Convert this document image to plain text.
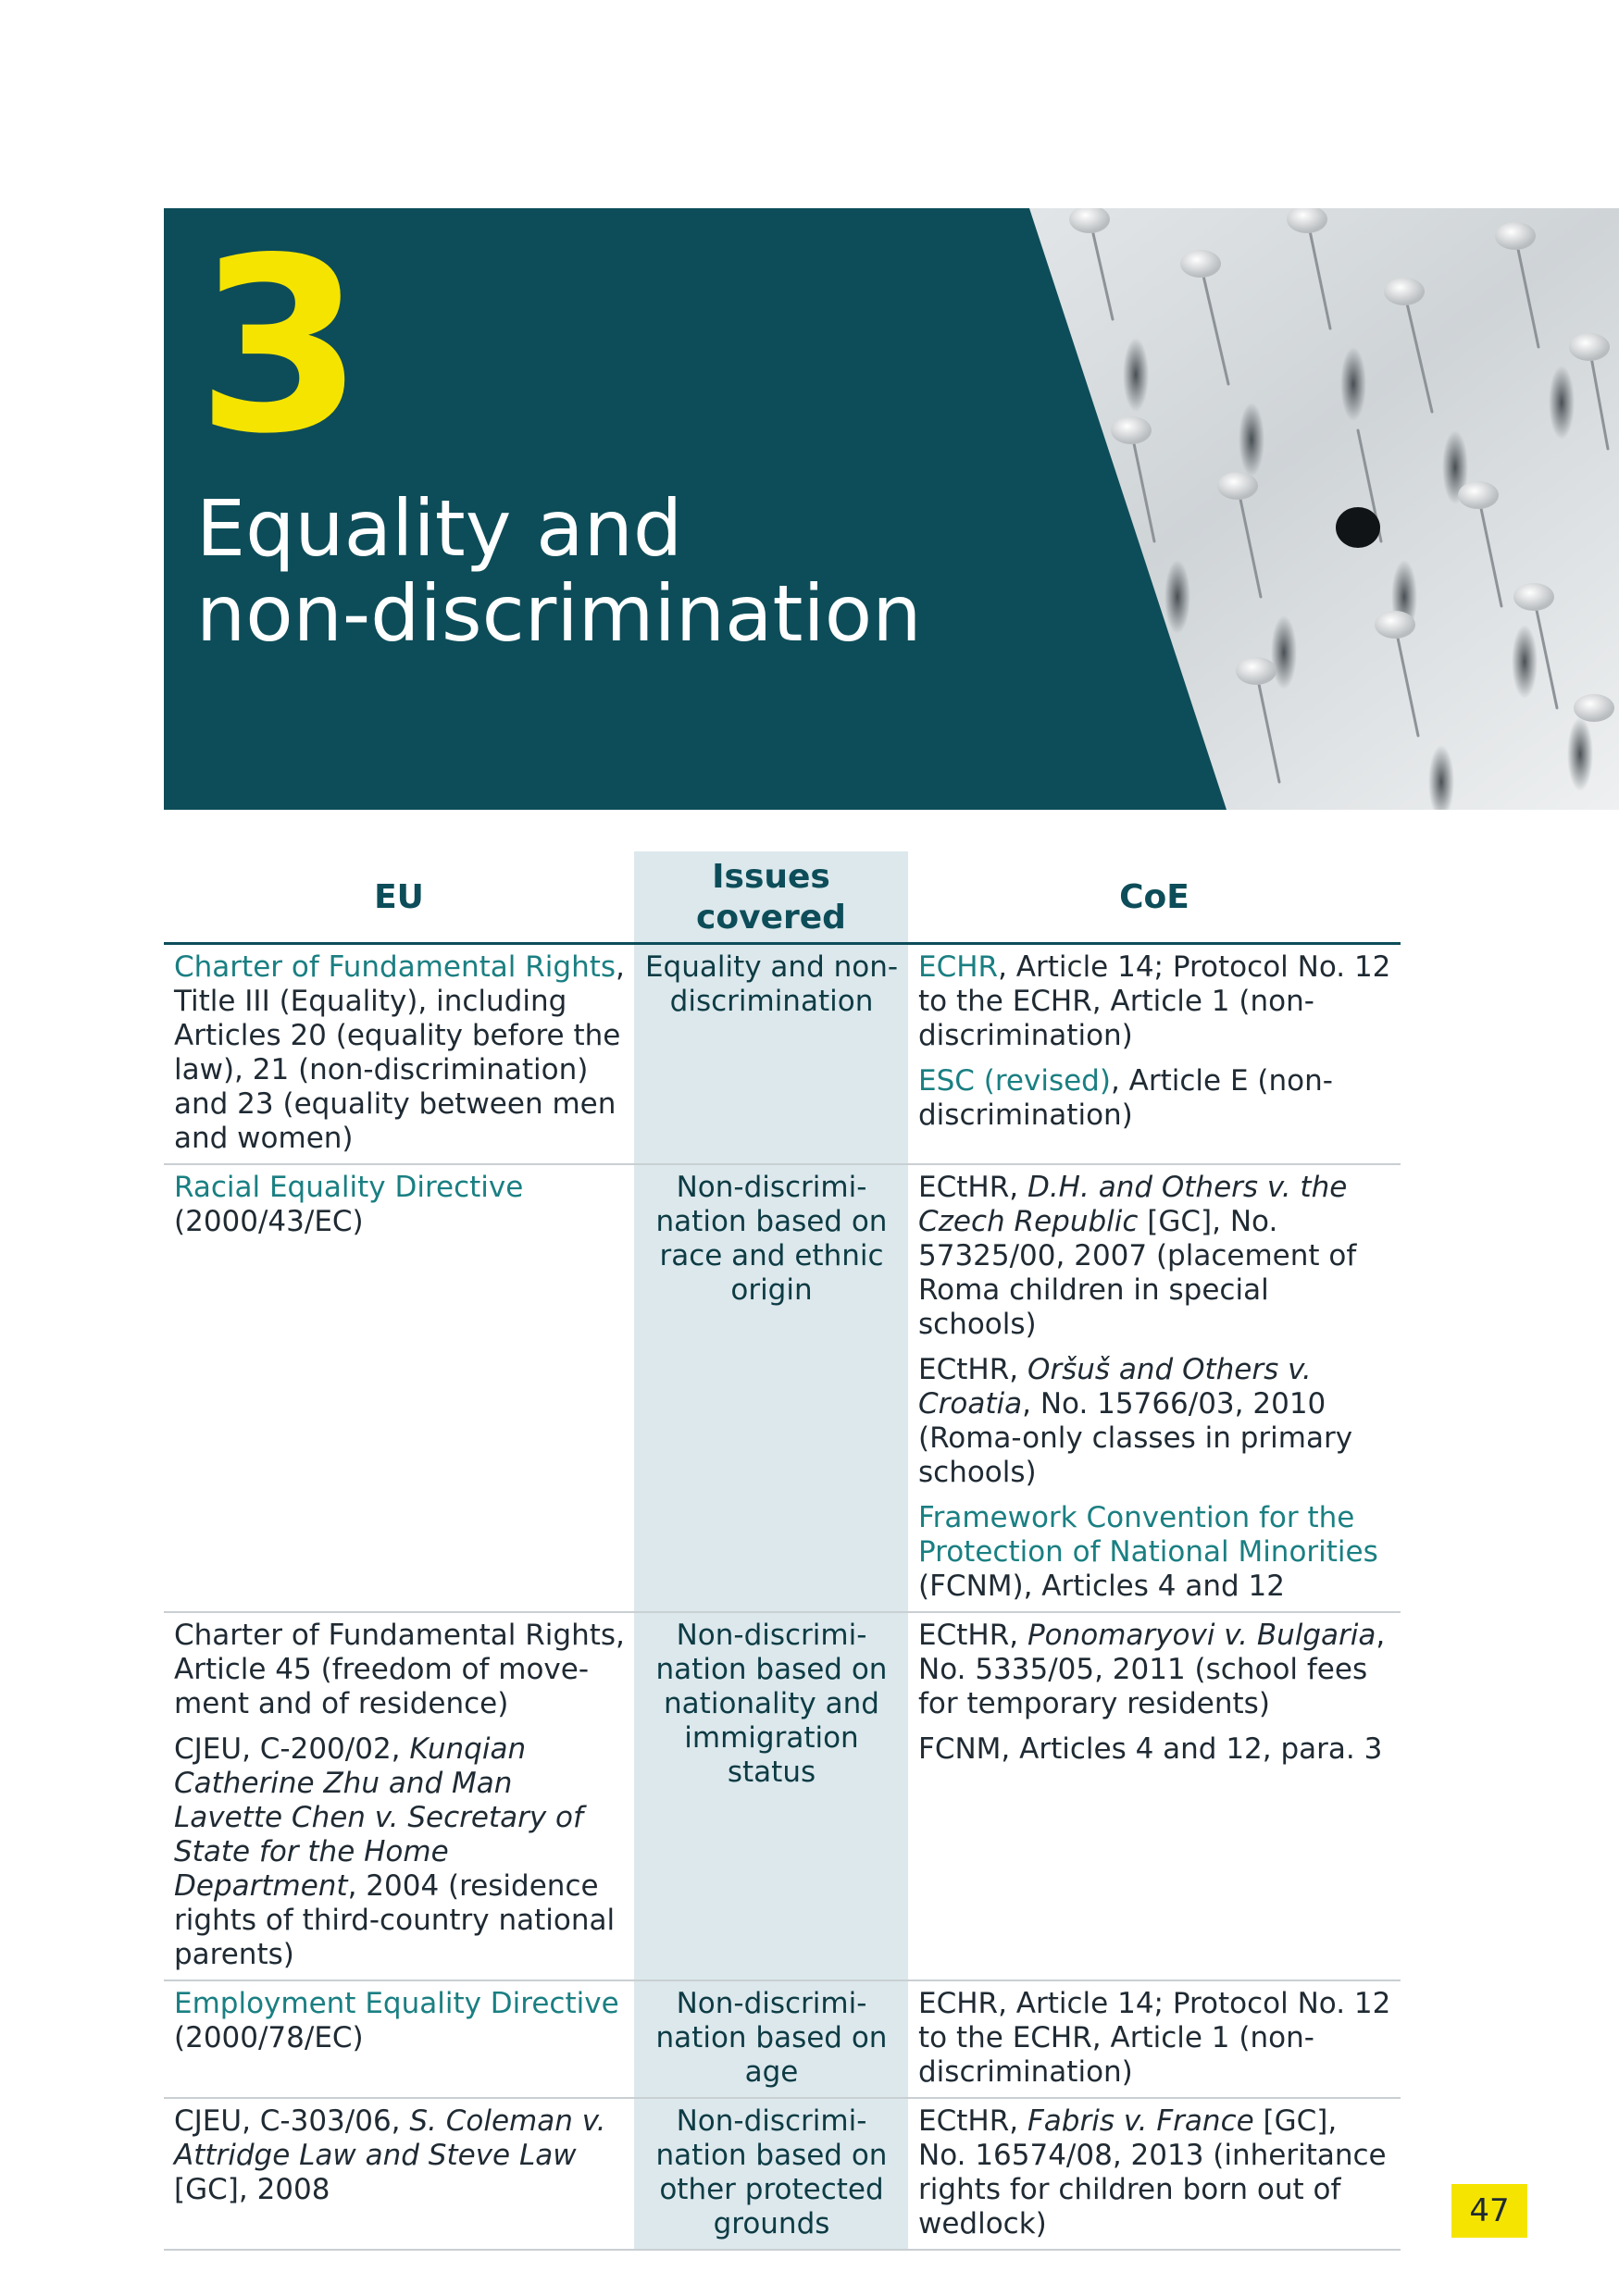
3
Equality and
non-discrimination
EU	Issues covered	CoE

Charter of Fundamental Rights, Title III (Equality), including Articles 20 (equality before the law), 21 (non-discrimination) and 23 (equality between men and women)	Equality and non-discrimination	ECHR, Article 14; Protocol No. 12 to the ECHR, Article 1 (non-discrimination)
ESC (revised), Article E (non-discrimination)

Racial Equality Directive (2000/43/EC)	Non-discrimination based on race and ethnic origin	ECtHR, D.H. and Others v. the Czech Republic [GC], No. 57325/00, 2007 (placement of Roma children in special schools)
ECtHR, Oršuš and Others v. Croatia, No. 15766/03, 2010 (Roma-only classes in primary schools)
Framework Convention for the Protection of National Minorities (FCNM), Articles 4 and 12

Charter of Fundamental Rights, Article 45 (freedom of movement and of residence)
CJEU, C-200/02, Kunqian Catherine Zhu and Man Lavette Chen v. Secretary of State for the Home Department, 2004 (residence rights of third-country national parents)	Non-discrimination based on nationality and immigration status	ECtHR, Ponomaryovi v. Bulgaria, No. 5335/05, 2011 (school fees for temporary residents)
FCNM, Articles 4 and 12, para. 3

Employment Equality Directive (2000/78/EC)	Non-discrimination based on age	ECHR, Article 14; Protocol No. 12 to the ECHR, Article 1 (non-discrimination)

CJEU, C-303/06, S. Coleman v. Attridge Law and Steve Law [GC], 2008	Non-discrimination based on other protected grounds	ECtHR, Fabris v. France [GC], No. 16574/08, 2013 (inheritance rights for children born out of wedlock)	47
